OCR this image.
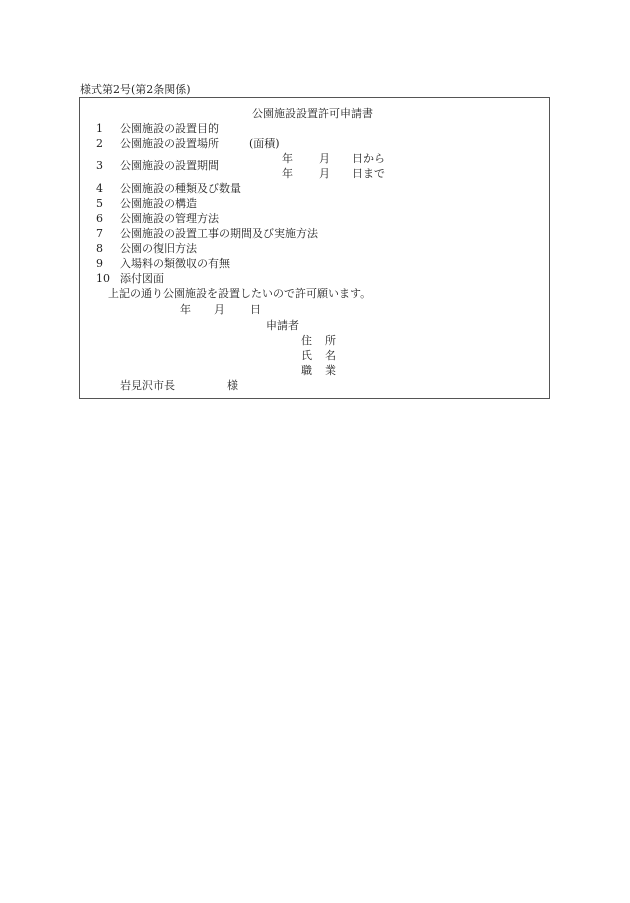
様式第2号(第2条関係)
公園施設設置許可申請書
1 公園施設の設置目的
2 公園施設の設置場所	(面積)
年 月 日から
3 公園施設の設置期間
年 月 日まで
4 公園施設の種類及び数量
5 公園施設の構造
6 公園施設の管理方法
7 公園施設の設置工事の期間及び実施方法
8 公園の復旧方法
9 入場料の類徴収の有無
10 添付図面
上記の通り公園施設を設置したいので許可願います。
年 月 日
申請者
住 所
氏 名
職 業
岩見沢市長	様
